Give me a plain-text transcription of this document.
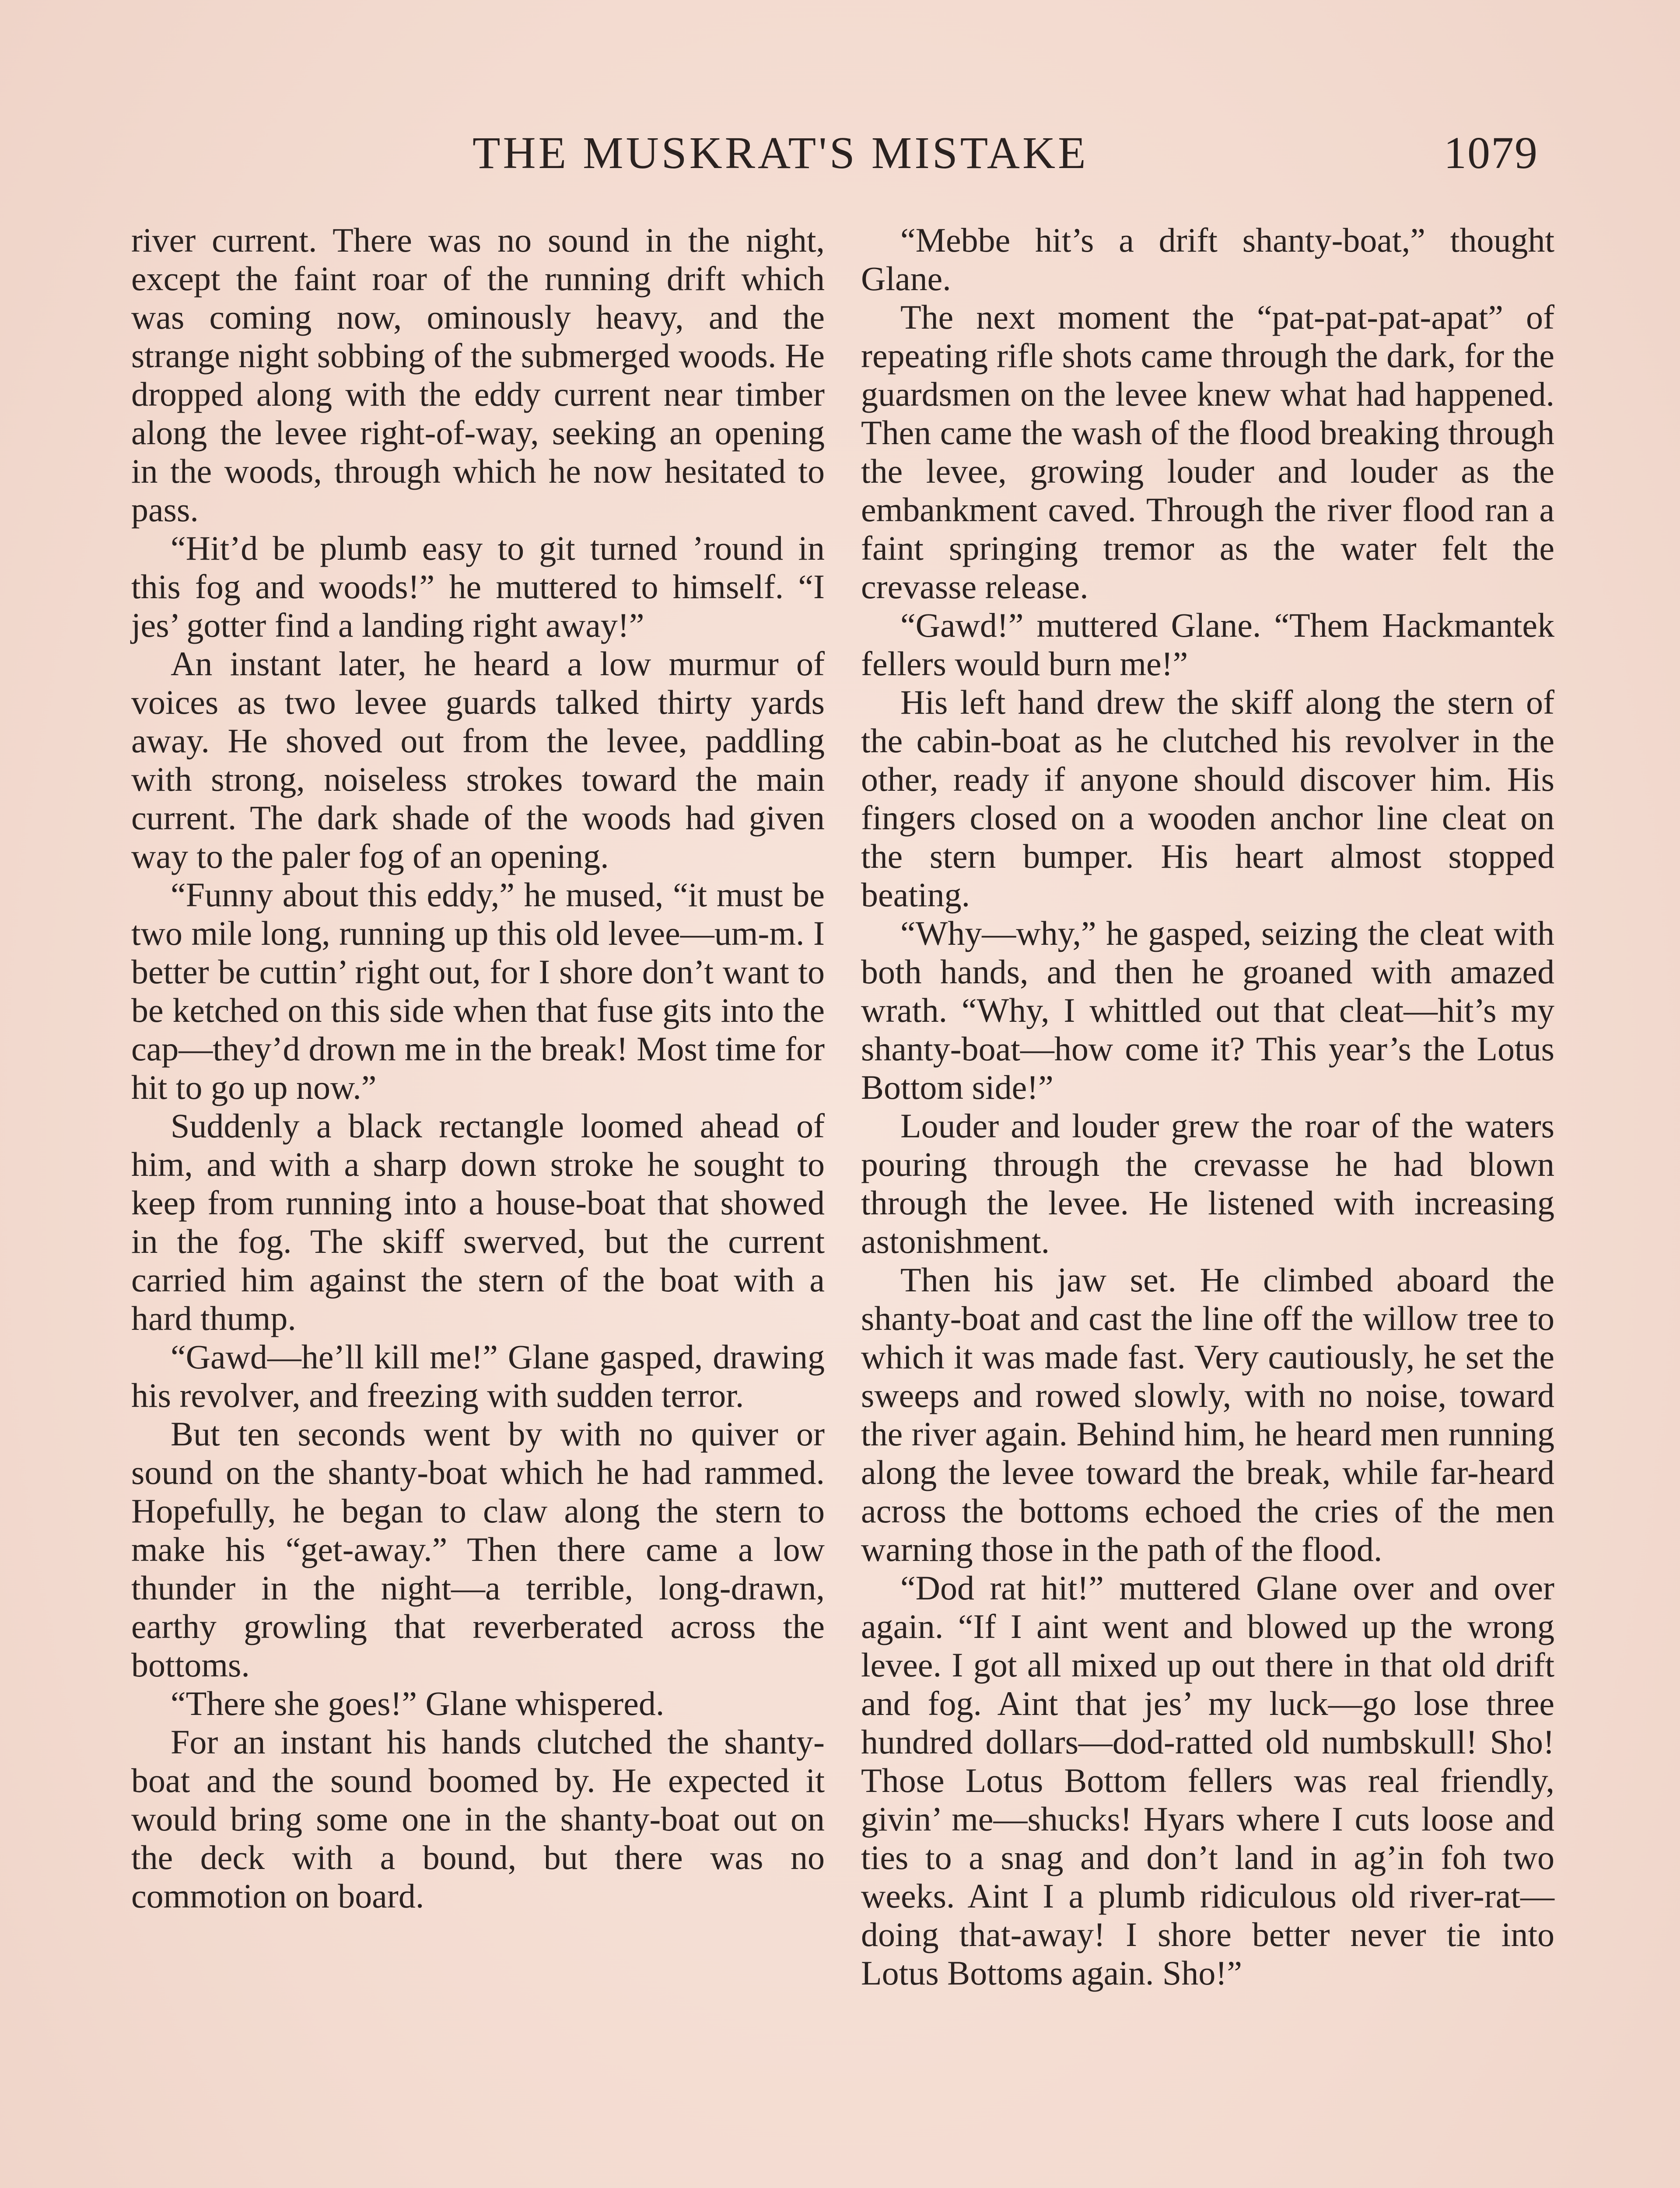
THE MUSKRAT'S MISTAKE	1079

river current. There was no sound in the night, except the faint roar of the running drift which was coming now, ominously heavy, and the strange night sobbing of the submerged woods. He dropped along with the eddy current near timber along the levee right-of-way, seeking an opening in the woods, through which he now hesitated to pass.

“Hit’d be plumb easy to git turned ’round in this fog and woods!” he muttered to himself. “I jes’ gotter find a landing right away!”

An instant later, he heard a low murmur of voices as two levee guards talked thirty yards away. He shoved out from the levee, paddling with strong, noiseless strokes toward the main current. The dark shade of the woods had given way to the paler fog of an opening.

“Funny about this eddy,” he mused, “it must be two mile long, running up this old levee—um-m. I better be cuttin’ right out, for I shore don’t want to be ketched on this side when that fuse gits into the cap—they’d drown me in the break! Most time for hit to go up now.”

Suddenly a black rectangle loomed ahead of him, and with a sharp down stroke he sought to keep from running into a house-boat that showed in the fog. The skiff swerved, but the current carried him against the stern of the boat with a hard thump.

“Gawd—he’ll kill me!” Glane gasped, drawing his revolver, and freezing with sudden terror.

But ten seconds went by with no quiver or sound on the shanty-boat which he had rammed. Hopefully, he began to claw along the stern to make his “get-away.” Then there came a low thunder in the night—a terrible, long-drawn, earthy growling that reverberated across the bottoms.

“There she goes!” Glane whispered.

For an instant his hands clutched the shanty-boat and the sound boomed by. He expected it would bring some one in the shanty-boat out on the deck with a bound, but there was no commotion on board.

“Mebbe hit’s a drift shanty-boat,” thought Glane.

The next moment the “pat-pat-pat-apat” of repeating rifle shots came through the dark, for the guardsmen on the levee knew what had happened. Then came the wash of the flood breaking through the levee, growing louder and louder as the embankment caved. Through the river flood ran a faint springing tremor as the water felt the crevasse release.

“Gawd!” muttered Glane. “Them Hackmantek fellers would burn me!”

His left hand drew the skiff along the stern of the cabin-boat as he clutched his revolver in the other, ready if anyone should discover him. His fingers closed on a wooden anchor line cleat on the stern bumper. His heart almost stopped beating.

“Why—why,” he gasped, seizing the cleat with both hands, and then he groaned with amazed wrath. “Why, I whittled out that cleat—hit’s my shanty-boat—how come it? This year’s the Lotus Bottom side!”

Louder and louder grew the roar of the waters pouring through the crevasse he had blown through the levee. He listened with increasing astonishment.

Then his jaw set. He climbed aboard the shanty-boat and cast the line off the willow tree to which it was made fast. Very cautiously, he set the sweeps and rowed slowly, with no noise, toward the river again. Behind him, he heard men running along the levee toward the break, while far-heard across the bottoms echoed the cries of the men warning those in the path of the flood.

“Dod rat hit!” muttered Glane over and over again. “If I aint went and blowed up the wrong levee. I got all mixed up out there in that old drift and fog. Aint that jes’ my luck—go lose three hundred dollars—dod-ratted old numbskull! Sho! Those Lotus Bottom fellers was real friendly, givin’ me—shucks! Hyars where I cuts loose and ties to a snag and don’t land in ag’in foh two weeks. Aint I a plumb ridiculous old river-rat—doing that-away! I shore better never tie into Lotus Bottoms again. Sho!”
